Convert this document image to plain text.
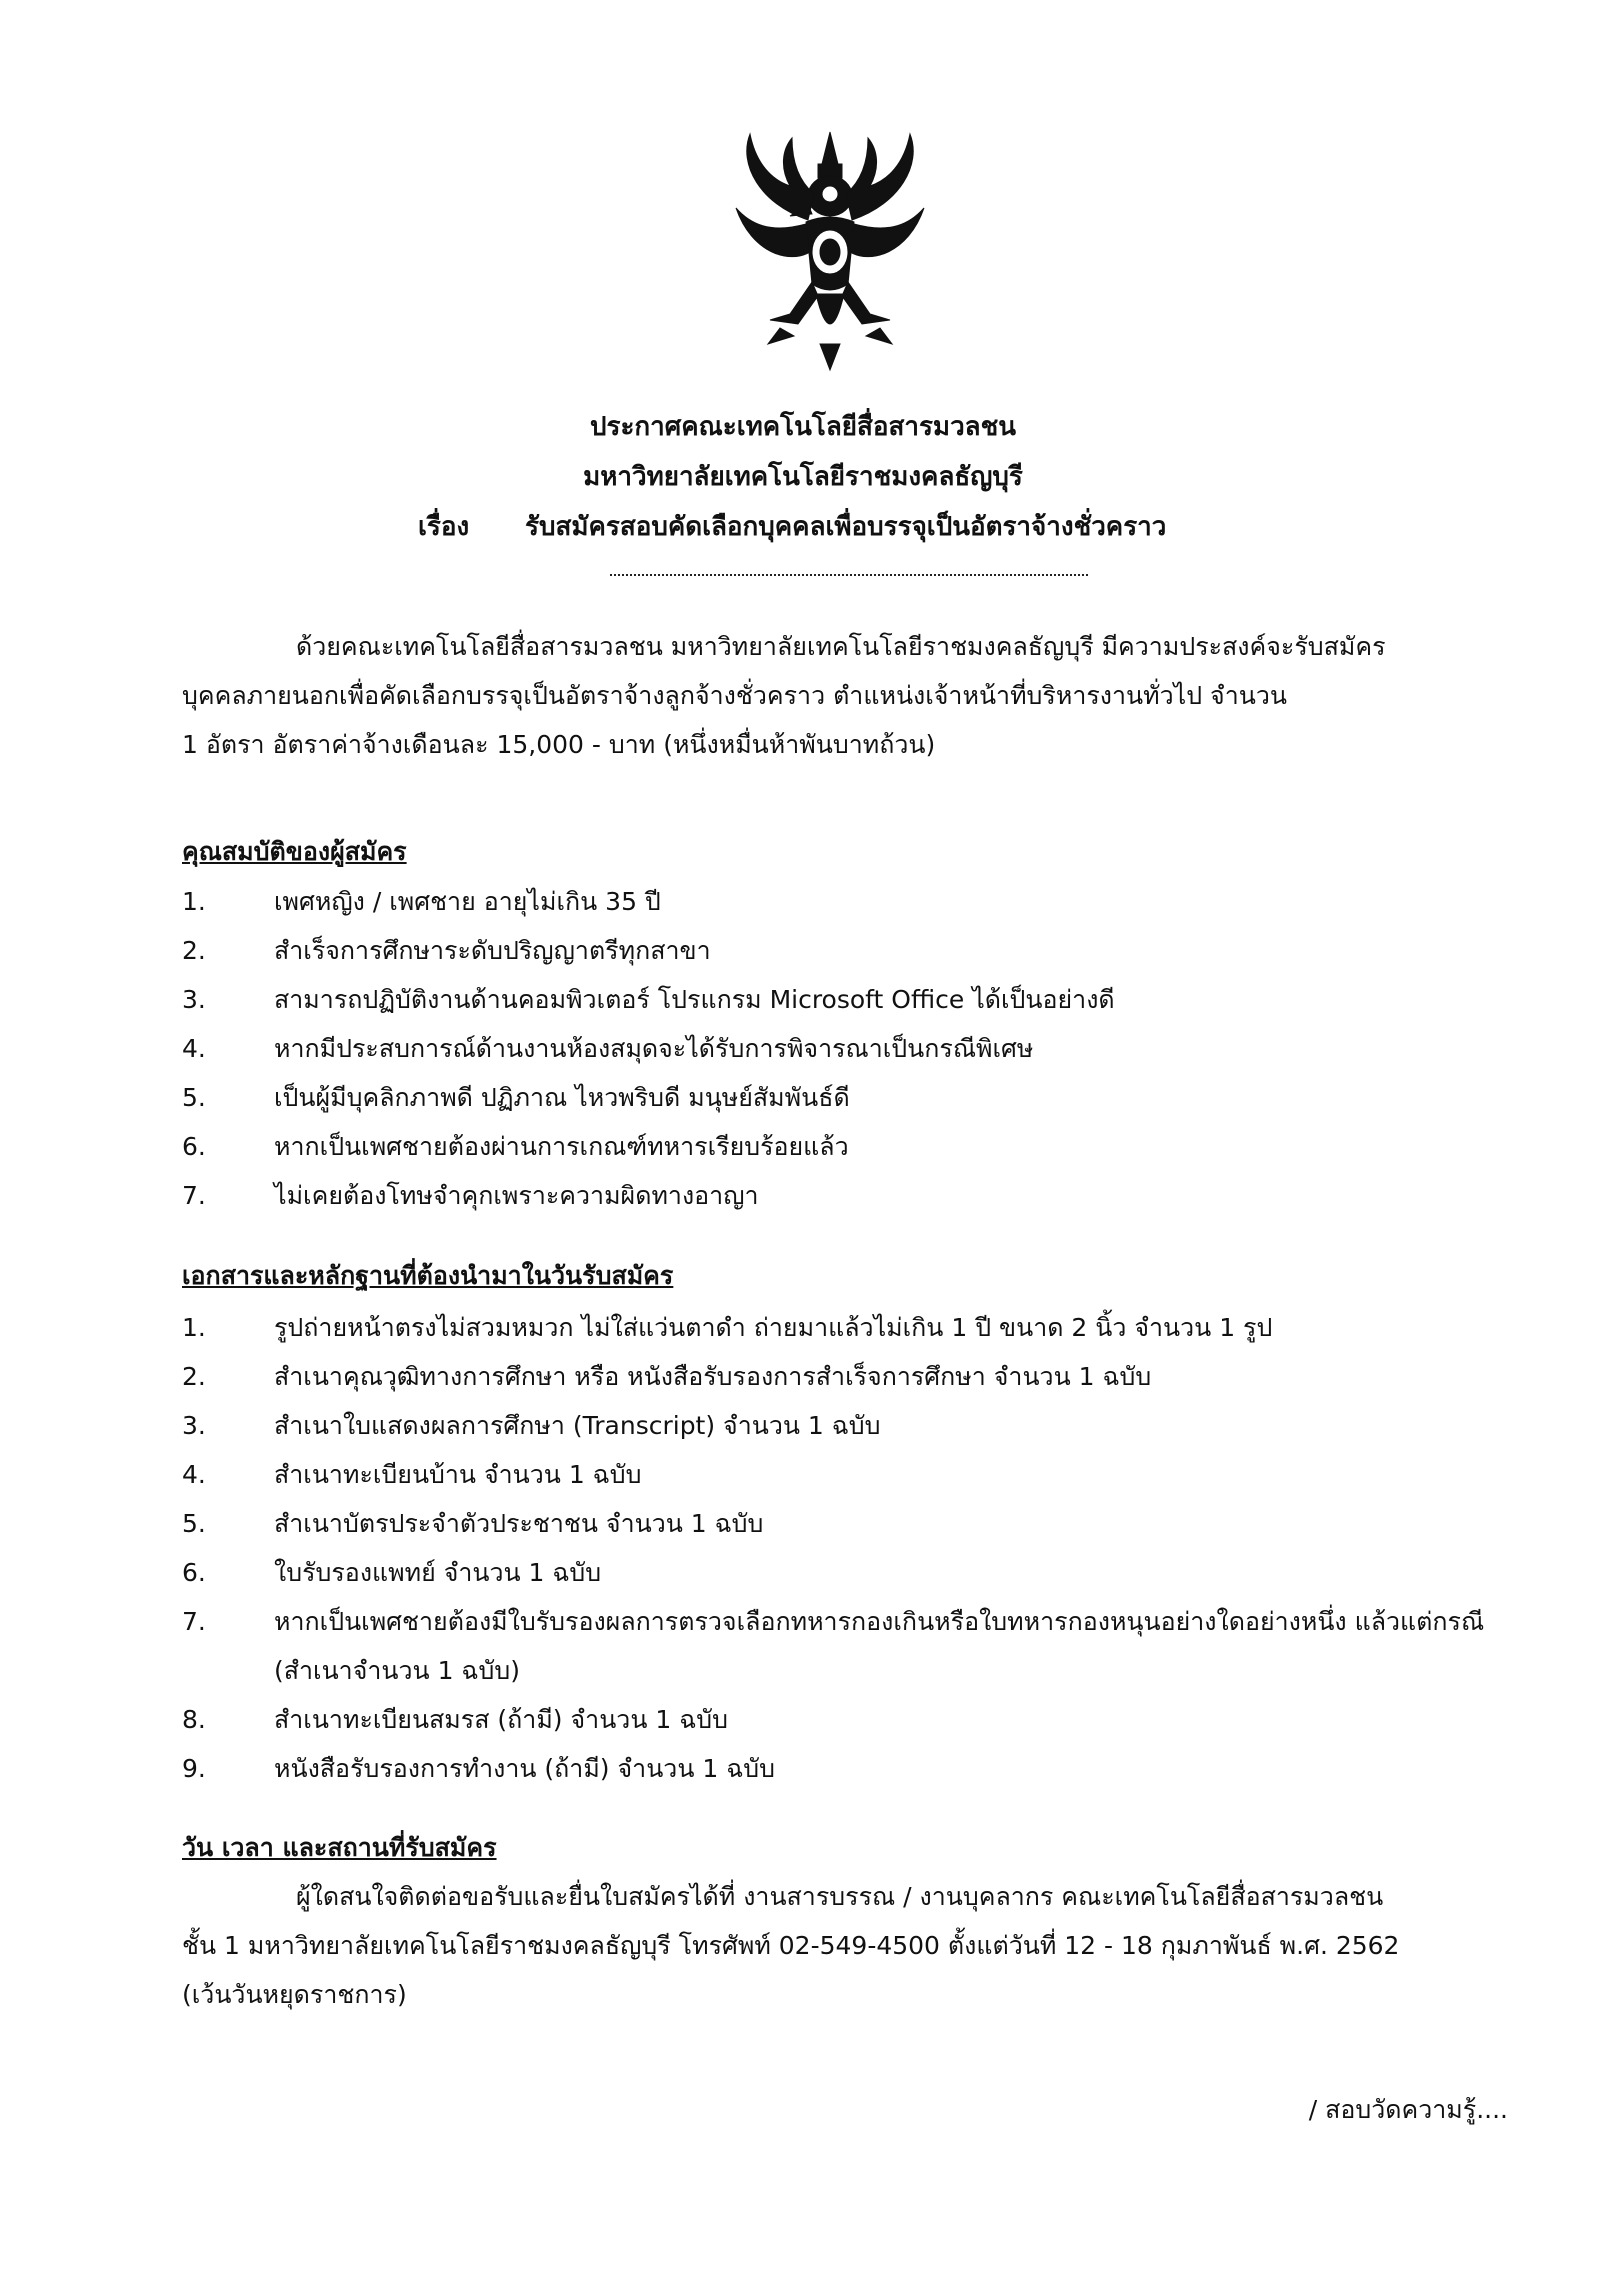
ประกาศคณะเทคโนโลยีสื่อสารมวลชน
มหาวิทยาลัยเทคโนโลยีราชมงคลธัญบุรี
เรื่อง รับสมัครสอบคัดเลือกบุคคลเพื่อบรรจุเป็นอัตราจ้างชั่วคราว
ด้วยคณะเทคโนโลยีสื่อสารมวลชน มหาวิทยาลัยเทคโนโลยีราชมงคลธัญบุรี มีความประสงค์จะรับสมัคร
บุคคลภายนอกเพื่อคัดเลือกบรรจุเป็นอัตราจ้างลูกจ้างชั่วคราว ตำแหน่งเจ้าหน้าที่บริหารงานทั่วไป จำนวน
1 อัตรา อัตราค่าจ้างเดือนละ 15,000 - บาท (หนึ่งหมื่นห้าพันบาทถ้วน)
คุณสมบัติของผู้สมัคร
1.	เพศหญิง / เพศชาย อายุไม่เกิน 35 ปี
2.	สำเร็จการศึกษาระดับปริญญาตรีทุกสาขา
3.	สามารถปฏิบัติงานด้านคอมพิวเตอร์ โปรแกรม Microsoft Office ได้เป็นอย่างดี
4.	หากมีประสบการณ์ด้านงานห้องสมุดจะได้รับการพิจารณาเป็นกรณีพิเศษ
5.	เป็นผู้มีบุคลิกภาพดี ปฏิภาณ ไหวพริบดี มนุษย์สัมพันธ์ดี
6.	หากเป็นเพศชายต้องผ่านการเกณฑ์ทหารเรียบร้อยแล้ว
7.	ไม่เคยต้องโทษจำคุกเพราะความผิดทางอาญา
เอกสารและหลักฐานที่ต้องนำมาในวันรับสมัคร
1.	รูปถ่ายหน้าตรงไม่สวมหมวก ไม่ใส่แว่นตาดำ ถ่ายมาแล้วไม่เกิน 1 ปี ขนาด 2 นิ้ว จำนวน 1 รูป
2.	สำเนาคุณวุฒิทางการศึกษา หรือ หนังสือรับรองการสำเร็จการศึกษา จำนวน 1 ฉบับ
3.	สำเนาใบแสดงผลการศึกษา (Transcript) จำนวน 1 ฉบับ
4.	สำเนาทะเบียนบ้าน จำนวน 1 ฉบับ
5.	สำเนาบัตรประจำตัวประชาชน จำนวน 1 ฉบับ
6.	ใบรับรองแพทย์ จำนวน 1 ฉบับ
7.	หากเป็นเพศชายต้องมีใบรับรองผลการตรวจเลือกทหารกองเกินหรือใบทหารกองหนุนอย่างใดอย่างหนึ่ง แล้วแต่กรณี (สำเนาจำนวน 1 ฉบับ)
8.	สำเนาทะเบียนสมรส (ถ้ามี) จำนวน 1 ฉบับ
9.	หนังสือรับรองการทำงาน (ถ้ามี) จำนวน 1 ฉบับ
วัน เวลา และสถานที่รับสมัคร
ผู้ใดสนใจติดต่อขอรับและยื่นใบสมัครได้ที่ งานสารบรรณ / งานบุคลากร คณะเทคโนโลยีสื่อสารมวลชน
ชั้น 1 มหาวิทยาลัยเทคโนโลยีราชมงคลธัญบุรี โทรศัพท์ 02-549-4500 ตั้งแต่วันที่ 12 - 18 กุมภาพันธ์ พ.ศ. 2562
(เว้นวันหยุดราชการ)
/ สอบวัดความรู้....
